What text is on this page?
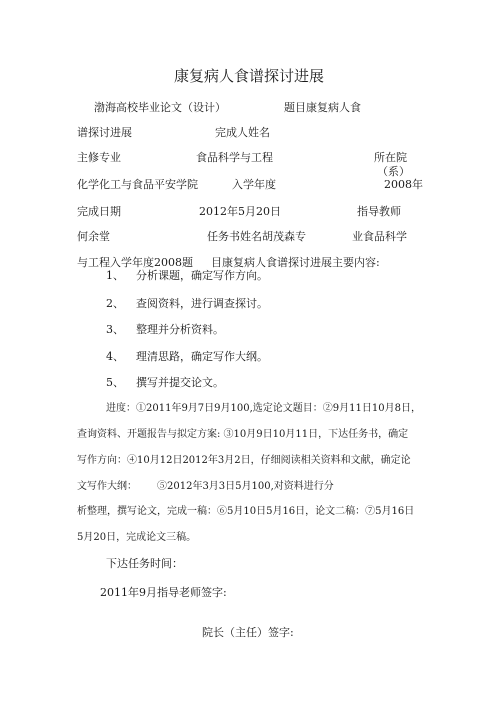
康复病人食谱探讨进展
渤海高校毕业论文（设计）	题目康复病人食
谱探讨进展	完成人姓名
主修专业	食品科学与工程	所在院
（系）
化学化工与食品平安学院	入学年度	2008年
完成日期	2012年5月20日	指导教师
何余堂	任务书姓名胡茂森专	业食品科学
与工程入学年度2008题 目康复病人食谱探讨进展主要内容:
1、 分析课题，确定写作方向。
2、 查阅资料，进行调查探讨。
3、 整理并分析资料。
4、 理清思路，确定写作大纲。
5、 撰写并提交论文。
进度：①2011年9月7日9月100,选定论文题目：②9月11日10月8日，
查询资料、开题报告与拟定方案: ③10月9日10月11日，下达任务书，确定
写作方向：④10月12日2012年3月2日，仔细阅读相关资料和文献，确定论
文写作大纲： ⑤2012年3月3日5月100,对资料进行分
析整理，撰写论文，完成一稿：⑥5月10日5月16日，论文二稿：⑦5月16日
5月20日，完成论文三稿。
下达任务时间：
2011年9月指导老师签字:
院长（主任）签字:
